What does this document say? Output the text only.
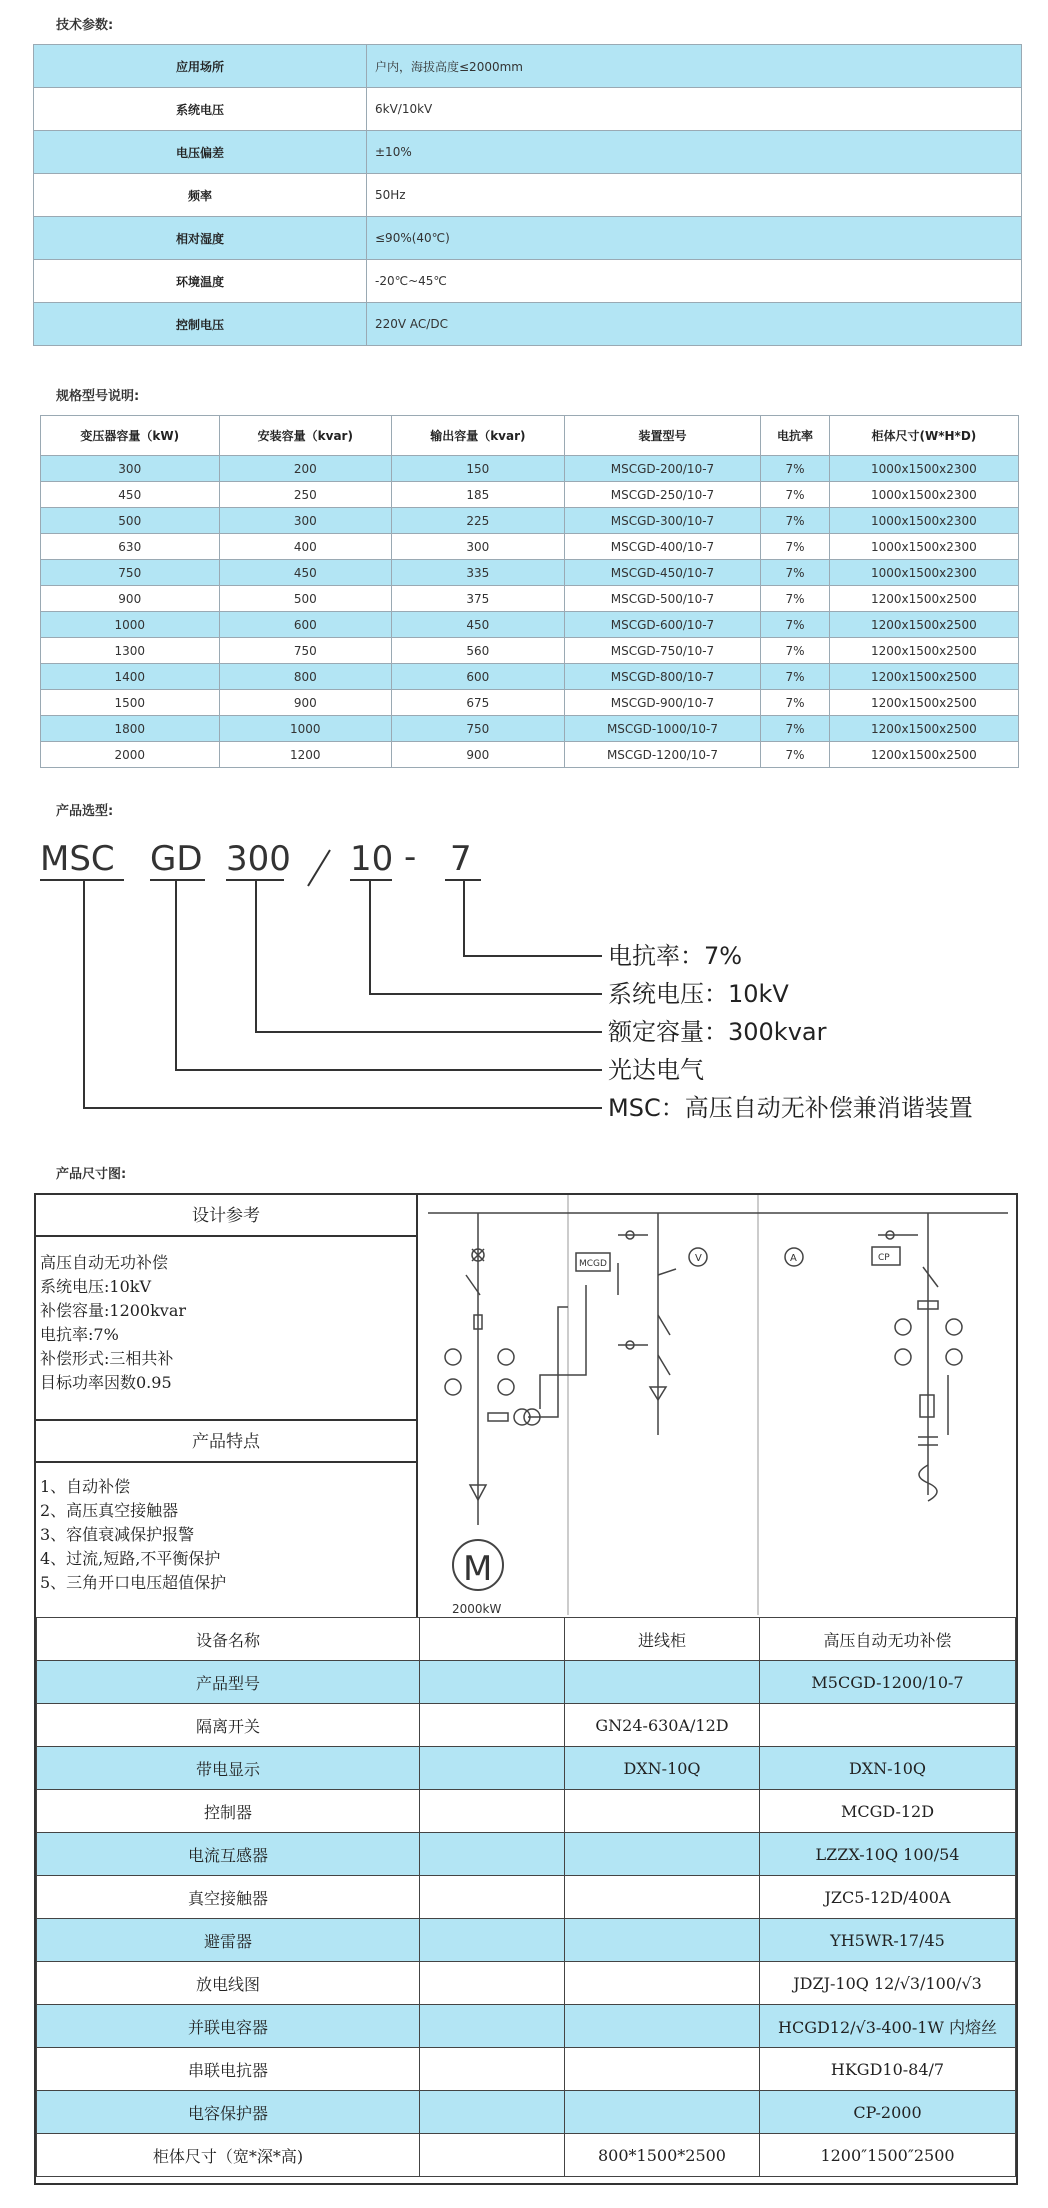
技术参数:
应用场所	户内，海拔高度≤2000mm
系统电压	6kV/10kV
电压偏差	±10%
频率	50Hz
相对湿度	≤90%(40℃)
环境温度	-20℃~45℃
控制电压	220V AC/DC
规格型号说明:
变压器容量（kW)	安装容量（kvar)	输出容量（kvar)	装置型号	电抗率	柜体尺寸(W*H*D)
300	200	150	MSCGD-200/10-7	7%	1000x1500x2300
450	250	185	MSCGD-250/10-7	7%	1000x1500x2300
500	300	225	MSCGD-300/10-7	7%	1000x1500x2300
630	400	300	MSCGD-400/10-7	7%	1000x1500x2300
750	450	335	MSCGD-450/10-7	7%	1000x1500x2300
900	500	375	MSCGD-500/10-7	7%	1200x1500x2500
1000	600	450	MSCGD-600/10-7	7%	1200x1500x2500
1300	750	560	MSCGD-750/10-7	7%	1200x1500x2500
1400	800	600	MSCGD-800/10-7	7%	1200x1500x2500
1500	900	675	MSCGD-900/10-7	7%	1200x1500x2500
1800	1000	750	MSCGD-1000/10-7	7%	1200x1500x2500
2000	1200	900	MSCGD-1200/10-7	7%	1200x1500x2500
产品选型:
MSC GD 300 10 - 7
电抗率：7%
系统电压：10kV
额定容量：300kvar
光达电气
MSC：高压自动无补偿兼消谐装置
产品尺寸图:
设计参考
高压自动无功补偿
系统电压:10kV
补偿容量:1200kvar
电抗率:7%
补偿形式:三相共补
目标功率因数0.95
产品特点
1、自动补偿
2、高压真空接触器
3、容值衰减保护报警
4、过流,短路,不平衡保护
5、三角开口电压超值保护	M
2000kW
MCGD	V	A	CP
设备名称		进线柜	高压自动无功补偿
产品型号			M5CGD-1200/10-7
隔离开关		GN24-630A/12D	
带电显示		DXN-10Q	DXN-10Q
控制器			MCGD-12D
电流互感器			LZZX-10Q 100/54
真空接触器			JZC5-12D/400A
避雷器			YH5WR-17/45
放电线图			JDZJ-10Q 12/√3/100/√3
并联电容器			HCGD12/√3-400-1W 内熔丝
串联电抗器			HKGD10-84/7
电容保护器			CP-2000
柜体尺寸（宽*深*高)		800*1500*2500	1200″1500″2500
